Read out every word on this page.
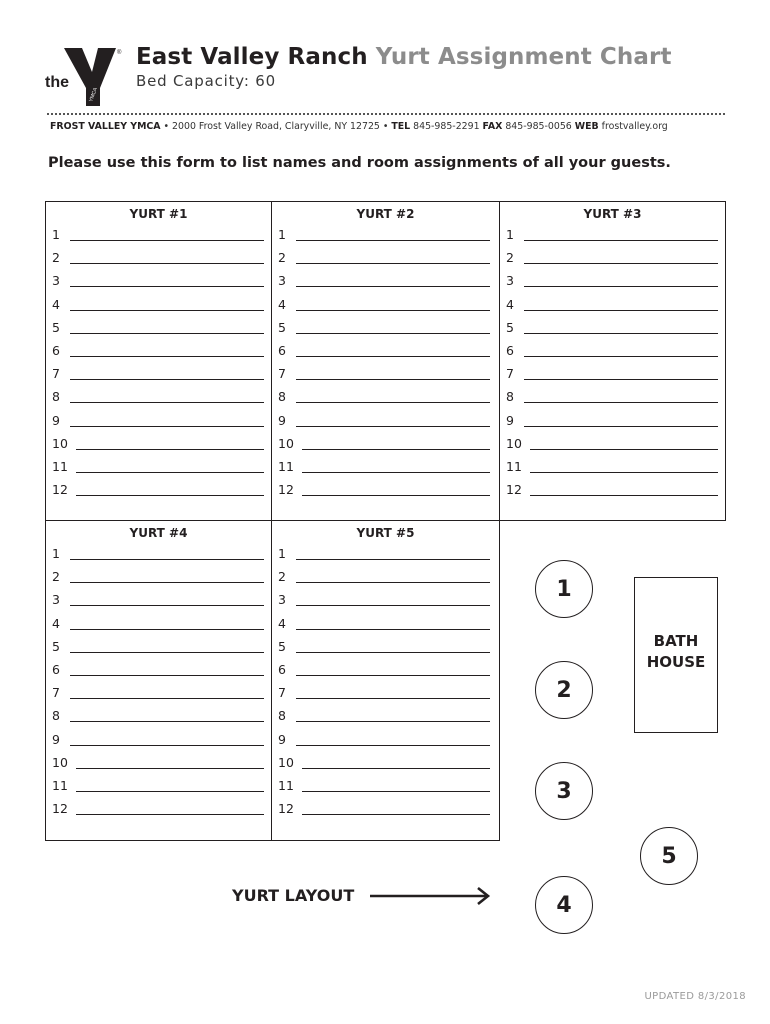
the
YMCA
® East Valley Ranch Yurt Assignment Chart
Bed Capacity: 60
FROST VALLEY YMCA • 2000 Frost Valley Road, Claryville, NY 12725 • TEL 845-985-2291 FAX 845-985-0056 WEB frostvalley.org
Please use this form to list names and room assignments of all your guests.
YURT #1
1
2
3
4
5
6
7
8
9
10
11
12
YURT #2
1
2
3
4
5
6
7
8
9
10
11
12
YURT #3
1
2
3
4
5
6
7
8
9
10
11
12
YURT #4
1
2
3
4
5
6
7
8
9
10
11
12
YURT #5
1
2
3
4
5
6
7
8
9
10
11
12
1
2
3
4
5
BATH
HOUSE
YURT LAYOUT
UPDATED 8/3/2018
